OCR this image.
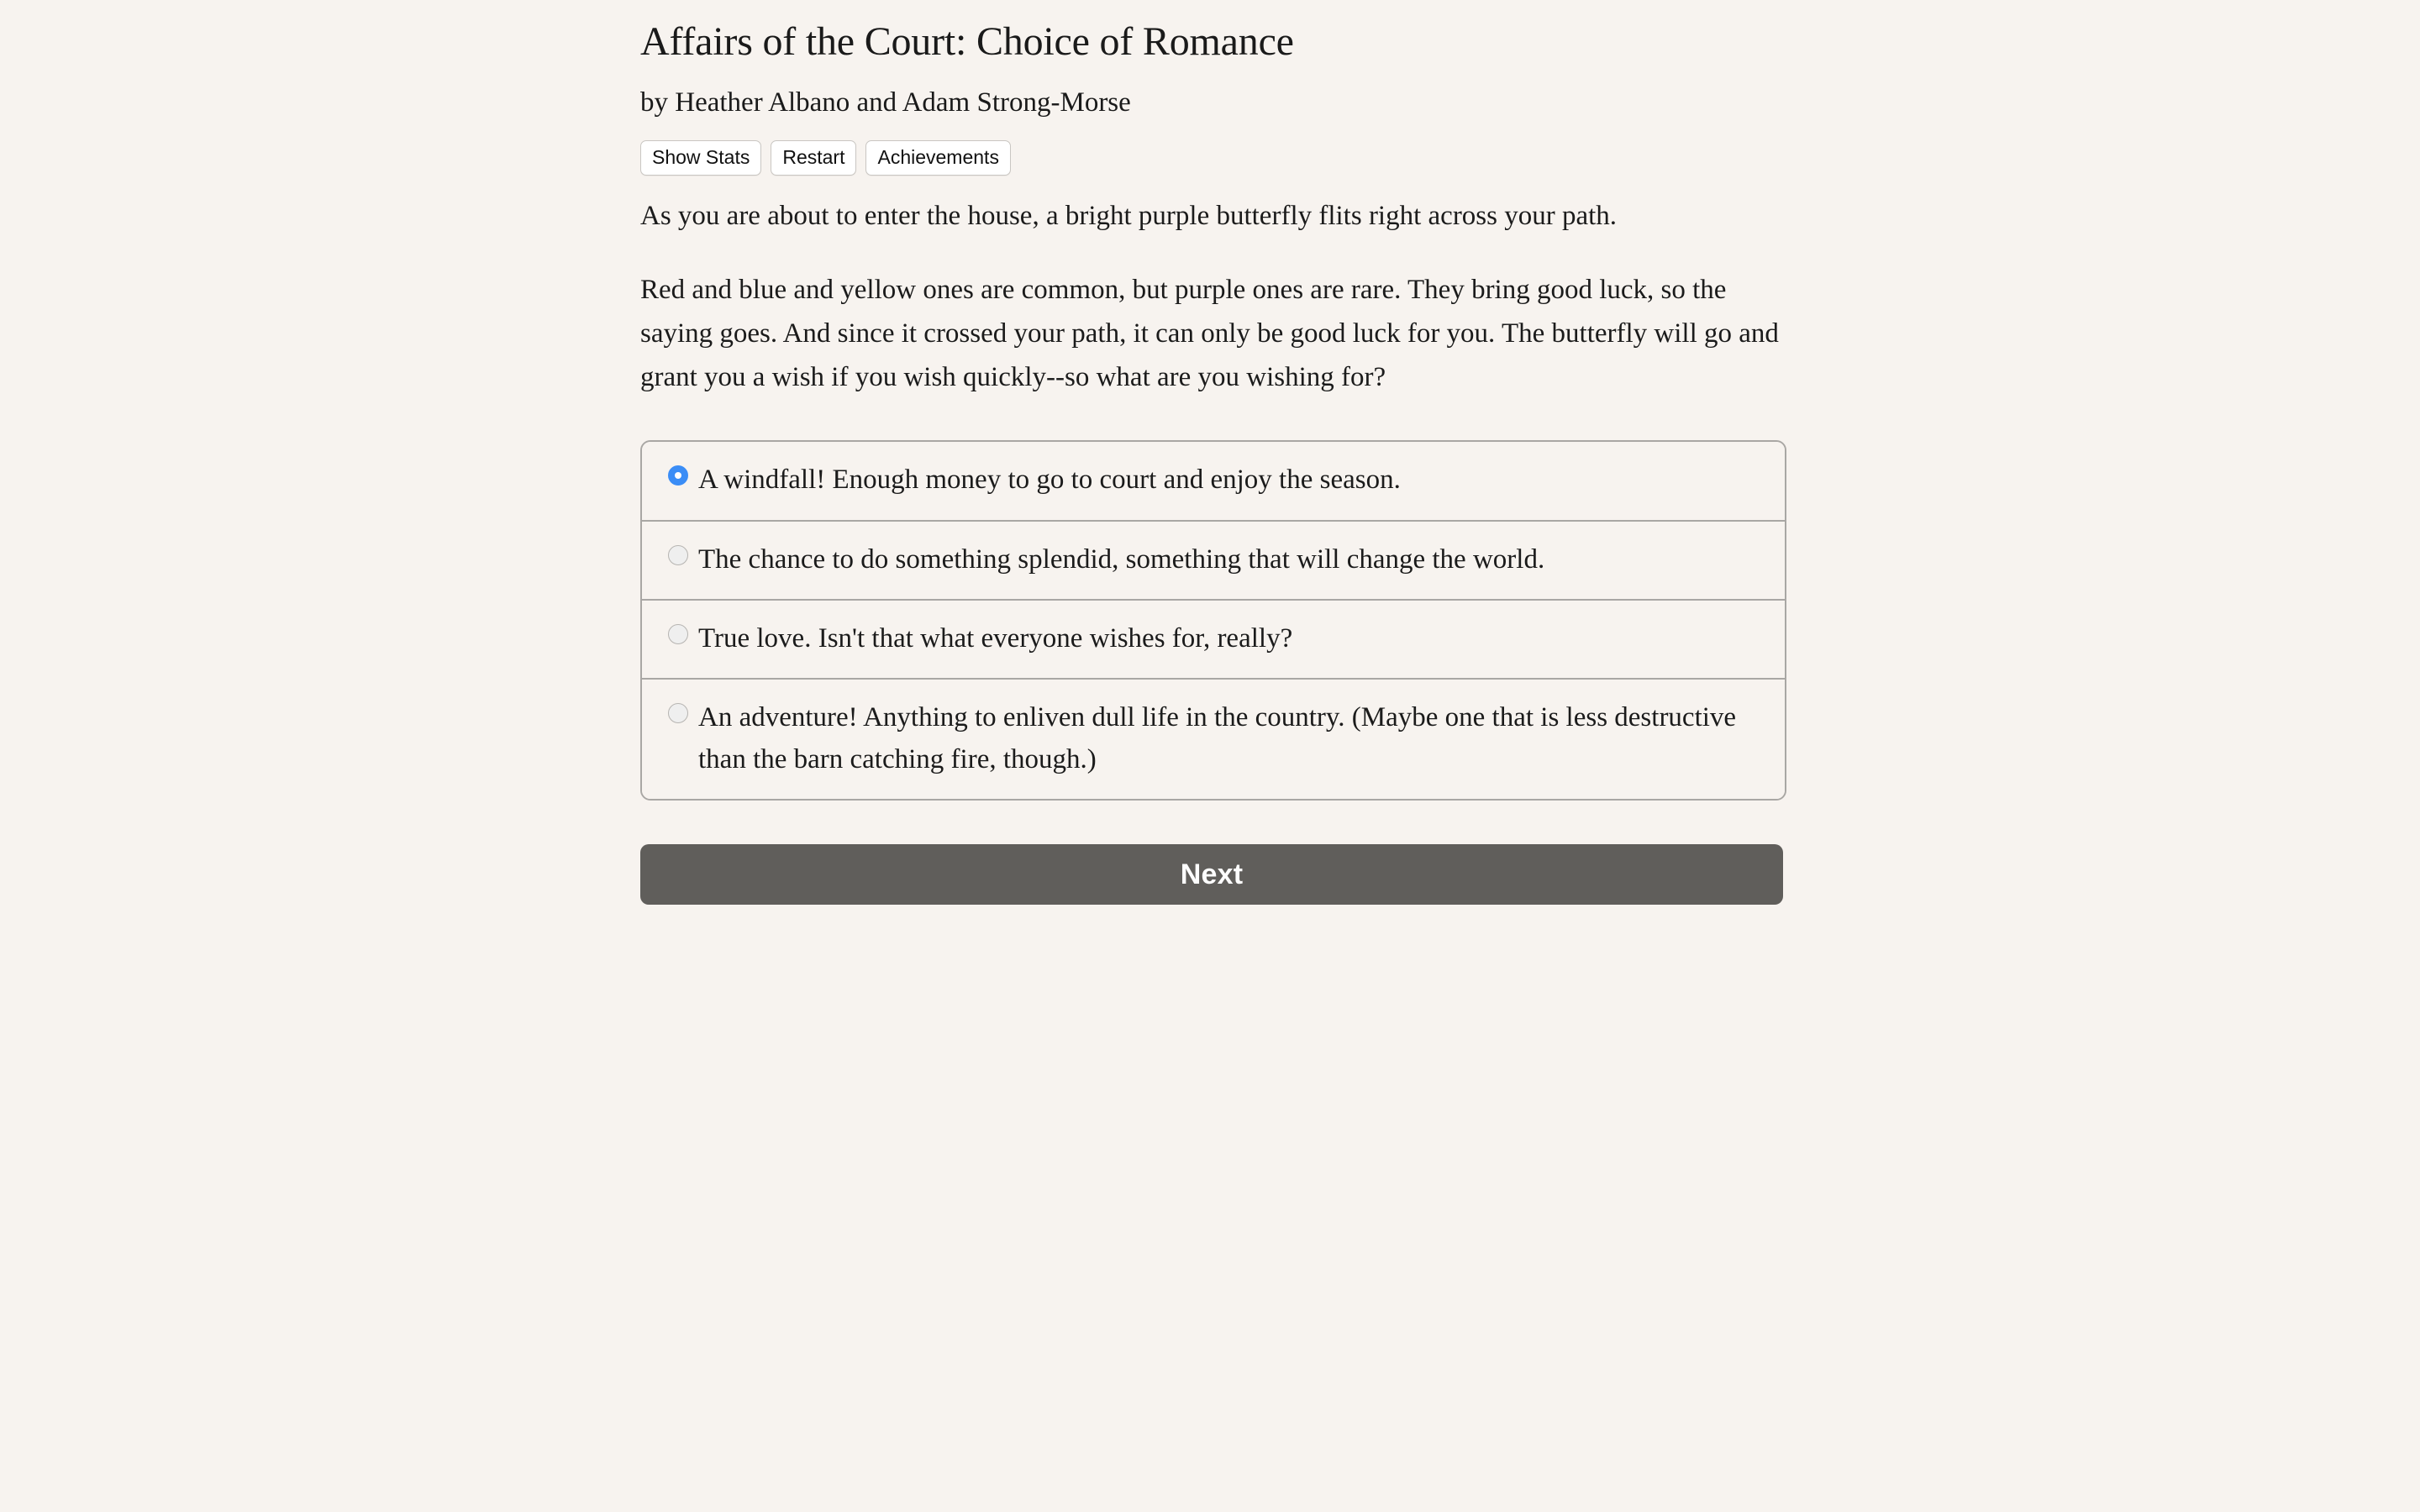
Affairs of the Court: Choice of Romance

by Heather Albano and Adam Strong-Morse

Show Stats	Restart	Achievements

As you are about to enter the house, a bright purple butterfly flits right across your path.

Red and blue and yellow ones are common, but purple ones are rare. They bring good luck, so the saying goes. And since it crossed your path, it can only be good luck for you. The butterfly will go and grant you a wish if you wish quickly--so what are you wishing for?

A windfall! Enough money to go to court and enjoy the season.
The chance to do something splendid, something that will change the world.
True love. Isn't that what everyone wishes for, really?
An adventure! Anything to enliven dull life in the country. (Maybe one that is less destructive than the barn catching fire, though.)
Next
